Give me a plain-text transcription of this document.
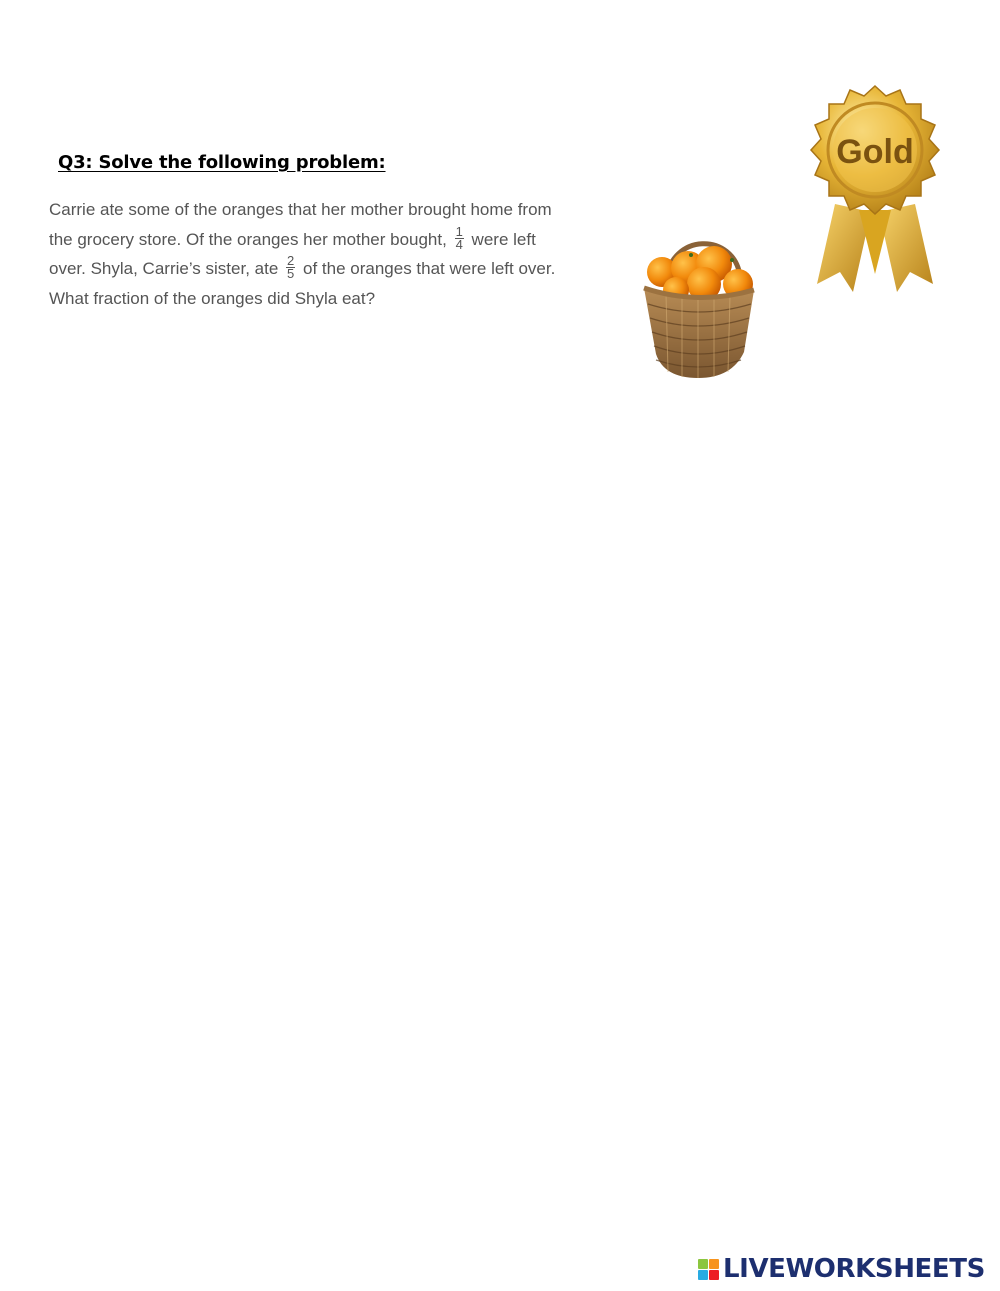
Q3: Solve the following problem:
Carrie ate some of the oranges that her mother brought home from
the grocery store. Of the oranges her mother bought, $\frac{1}{4}$ were left
over. Shyla, Carrie’s sister, ate $\frac{2}{5}$ of the oranges that were left over.
What fraction of the oranges did Shyla eat?
Gold
LIVEWORKSHEETS
